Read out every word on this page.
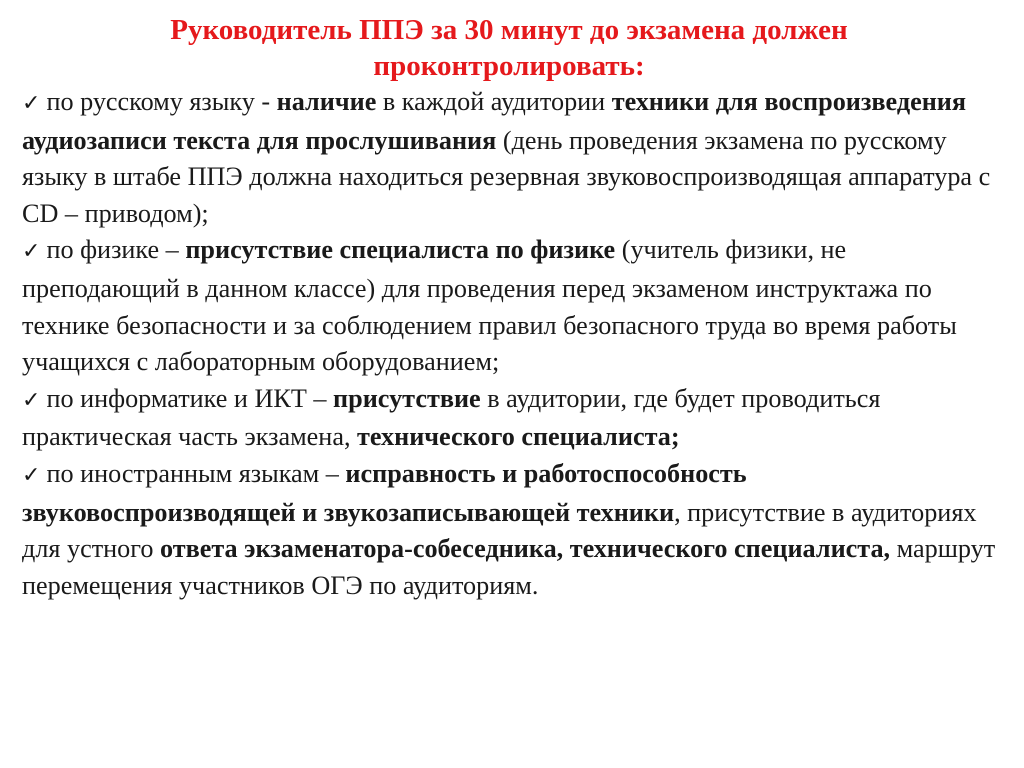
Руководитель ППЭ за 30 минут до экзамена должен
проконтролировать:

✓ по русскому языку - наличие в каждой аудитории техники для воспроизведения аудиозаписи текста для прослушивания (день проведения экзамена по русскому языку в штабе ППЭ должна находиться резервная звуковоспроизводящая аппаратура с CD – приводом);

✓ по физике – присутствие специалиста по физике (учитель физики, не преподающий в данном классе) для проведения перед экзаменом инструктажа по технике безопасности и за соблюдением правил безопасного труда во время работы учащихся с лабораторным оборудованием;

✓ по информатике и ИКТ – присутствие в аудитории, где будет проводиться практическая часть экзамена, технического специалиста;

✓ по иностранным языкам – исправность и работоспособность звуковоспроизводящей и звукозаписывающей техники, присутствие в аудиториях для устного ответа экзаменатора-собеседника, технического специалиста, маршрут перемещения участников ОГЭ по аудиториям.
